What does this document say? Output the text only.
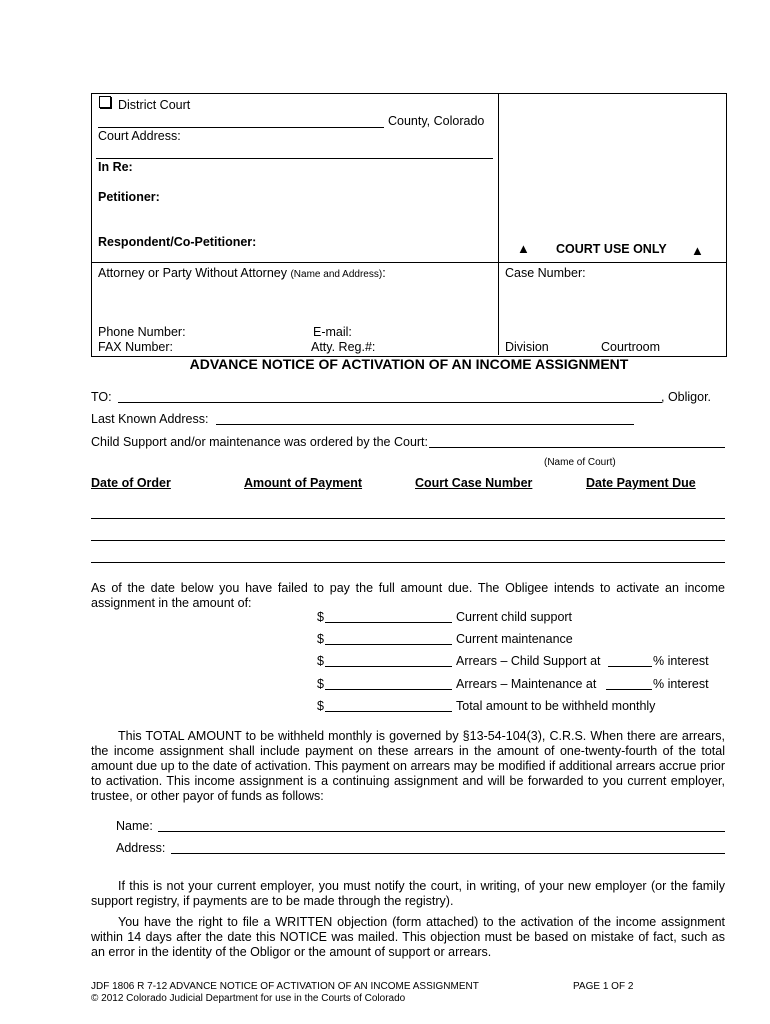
District Court
County, Colorado
Court Address:
In Re:
Petitioner:
Respondent/Co-Petitioner:	▲ COURT USE ONLY ▲
Attorney or Party Without Attorney (Name and Address):	Case Number:
Phone Number:	E-mail:
FAX Number:	Atty. Reg.#:	Division	Courtroom
ADVANCE NOTICE OF ACTIVATION OF AN INCOME ASSIGNMENT
TO:	, Obligor.
Last Known Address:
Child Support and/or maintenance was ordered by the Court:
(Name of Court)
Date of Order	Amount of Payment	Court Case Number	Date Payment Due
As of the date below you have failed to pay the full amount due. The Obligee intends to activate an income assignment in the amount of:
$	Current child support
$	Current maintenance
$	Arrears – Child Support at	% interest
$	Arrears – Maintenance at	% interest
$	Total amount to be withheld monthly
This TOTAL AMOUNT to be withheld monthly is governed by §13-54-104(3), C.R.S. When there are arrears, the income assignment shall include payment on these arrears in the amount of one-twenty-fourth of the total amount due up to the date of activation. This payment on arrears may be modified if additional arrears accrue prior to activation. This income assignment is a continuing assignment and will be forwarded to you current employer, trustee, or other payor of funds as follows:
Name:
Address:
If this is not your current employer, you must notify the court, in writing, of your new employer (or the family support registry, if payments are to be made through the registry).
You have the right to file a WRITTEN objection (form attached) to the activation of the income assignment within 14 days after the date this NOTICE was mailed. This objection must be based on mistake of fact, such as an error in the identity of the Obligor or the amount of support or arrears.
JDF 1806 R 7-12 ADVANCE NOTICE OF ACTIVATION OF AN INCOME ASSIGNMENT	PAGE 1 OF 2
© 2012 Colorado Judicial Department for use in the Courts of Colorado
